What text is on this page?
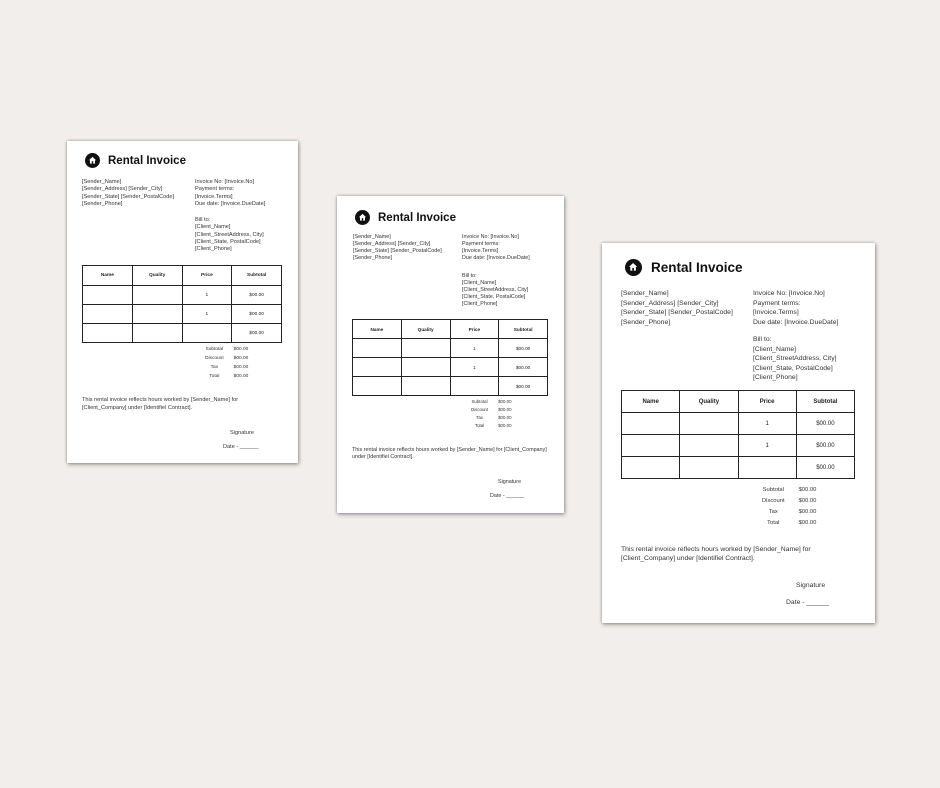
Rental Invoice
[Sender_Name]
[Sender_Address] [Sender_City]
[Sender_State] [Sender_PostalCode]
[Sender_Phone]
Invoice No: [Invoice.No]
Payment terms:
[Invoice.Terms]
Due date: [Invoice.DueDate]
Bill to:
[Client_Name]
[Client_StreetAddress, City]
[Client_State, PostalCode]
[Client_Phone]
Name	Quality	Price	Subtotal
		1	$00.00
		1	$00.00
			$00.00
Subtotal $00.00
Discount $00.00
Tax	$00.00
Total	$00.00
This rental invoice reflects hours worked by [Sender_Name] for [Client_Company] under [Identifiel Contract].
Signature
Date - ______
Rental Invoice
[Sender_Name]
[Sender_Address] [Sender_City]
[Sender_State] [Sender_PostalCode]
[Sender_Phone]
Invoice No: [Invoice.No]
Payment terms:
[Invoice.Terms]
Due date: [Invoice.DueDate]
Bill to:
[Client_Name]
[Client_StreetAddress, City]
[Client_State, PostalCode]
[Client_Phone]
Name	Quality	Price	Subtotal
		1	$00.00
		1	$00.00
			$00.00
Subtotal $00.00
Discount $00.00
Tax	$00.00
Total	$00.00
This rental invoice reflects hours worked by [Sender_Name] for [Client_Company] under [Identifiel Contract].
Signature
Date - ______
Rental Invoice
[Sender_Name]
[Sender_Address] [Sender_City]
[Sender_State] [Sender_PostalCode]
[Sender_Phone]
Invoice No: [Invoice.No]
Payment terms:
[Invoice.Terms]
Due date: [Invoice.DueDate]
Bill to:
[Client_Name]
[Client_StreetAddress, City]
[Client_State, PostalCode]
[Client_Phone]
Name	Quality	Price	Subtotal
		1	$00.00
		1	$00.00
			$00.00
Subtotal	$00.00
Discount $00.00
Tax	$00.00
Total	$00.00
This rental invoice reflects hours worked by [Sender_Name] for [Client_Company] under [Identifiel Contract].
Signature
Date - ______
